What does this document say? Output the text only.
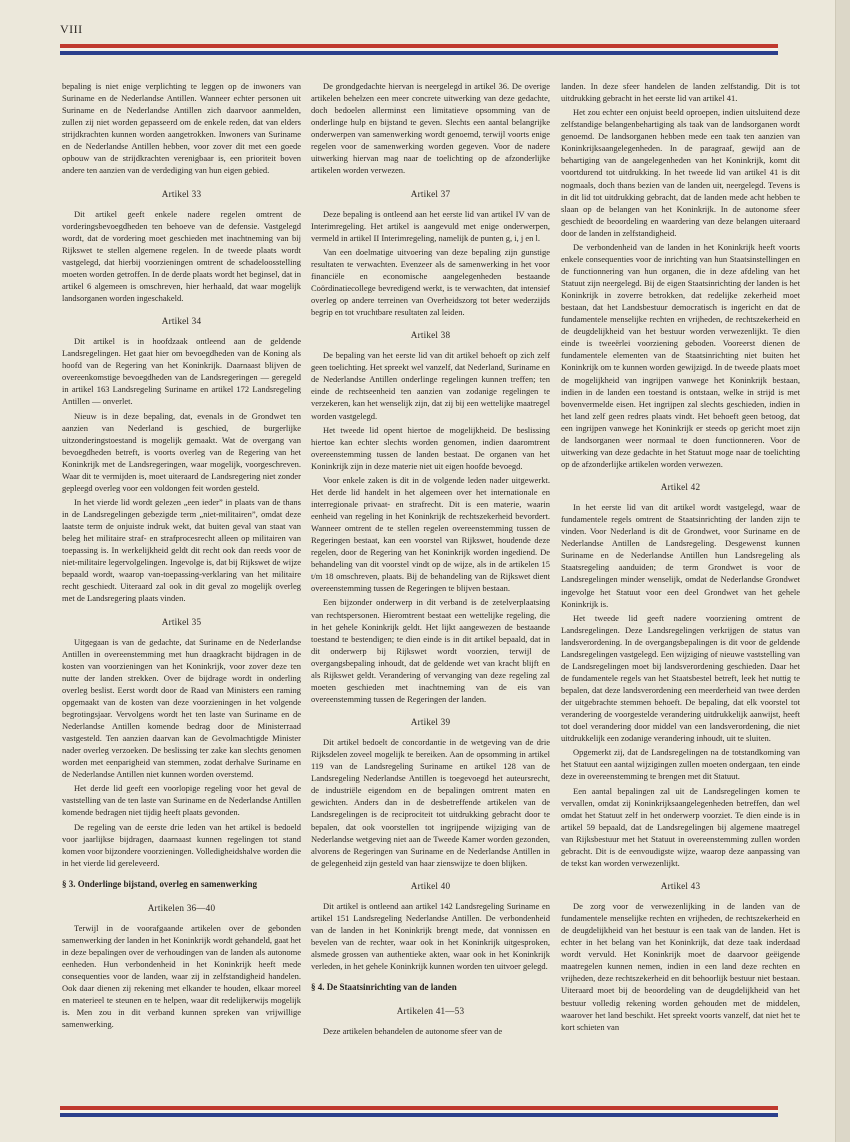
VIII

bepaling is niet enige verplichting te leggen op de inwoners van Suriname en de Nederlandse Antillen. Wanneer echter personen uit Suriname en de Nederlandse Antillen zich daarvoor aanmelden, zullen zij niet worden gepasseerd om de enkele reden, dat van elders strijdkrachten kunnen worden aangetrokken. Inwoners van Suriname en de Nederlandse Antillen hebben, voor zover dit met een goede opbouw van de strijdkrachten verenigbaar is, een prioriteit boven andere ten aanzien van de verdediging van hun eigen gebied.

Artikel 33

Dit artikel geeft enkele nadere regelen omtrent de vorderingsbevoegdheden ten behoeve van de defensie. Vastgelegd wordt, dat de vordering moet geschieden met inachtneming van bij Rijkswet te stellen algemene regelen. In de tweede plaats wordt vastgelegd, dat hierbij voorzieningen omtrent de schadeloosstelling moeten worden getroffen. In de derde plaats wordt het beginsel, dat in artikel 6 algemeen is omschreven, hier herhaald, dat waar mogelijk landsorganen worden ingeschakeld.

Artikel 34

Dit artikel is in hoofdzaak ontleend aan de geldende Landsregelingen. Het gaat hier om bevoegdheden van de Koning als hoofd van de Regering van het Koninkrijk. Daarnaast blijven de overeenkomstige bevoegdheden van de Landsregeringen — geregeld in artikel 163 Landsregeling Suriname en artikel 172 Landsregeling Antillen — onverlet.

Nieuw is in deze bepaling, dat, evenals in de Grondwet ten aanzien van Nederland is geschied, de burgerlijke uitzonderingstoestand is mogelijk gemaakt. Wat de overgang van bevoegdheden betreft, is voorts overleg van de Regering van het Koninkrijk met de Landsregeringen, waar mogelijk, voorgeschreven. Waar dit te vermijden is, moet uiteraard de Landsregering niet zonder gepleegd overleg voor een voldongen feit worden gesteld.

In het vierde lid wordt gelezen „een ieder” in plaats van de thans in de Landsregelingen gebezigde term „niet-militairen”, omdat deze laatste term de onjuiste indruk wekt, dat buiten geval van staat van beleg het militaire straf- en strafprocesrecht alleen op militairen van toepassing is. In werkelijkheid geldt dit recht ook dan reeds voor de niet-militaire legervolgelingen. Ingevolge is, dat bij Rijkswet de wijze bepaald wordt, waarop van-toepassing-verklaring van het militaire recht geschiedt. Uiteraard zal ook in dit geval zo mogelijk overleg met de Landsregering plaats vinden.

Artikel 35

Uitgegaan is van de gedachte, dat Suriname en de Nederlandse Antillen in overeenstemming met hun draagkracht bijdragen in de kosten van voorzieningen van het Koninkrijk, voor zover deze ten nutte der landen strekken. Over de bijdrage wordt in onderling overleg beslist. Eerst wordt door de Raad van Ministers een raming opgemaakt van de kosten van deze voorzieningen in het volgende begrotingsjaar. Vervolgens wordt het ten laste van Suriname en de Nederlandse Antillen komende bedrag door de Ministerraad vastgesteld. Ten aanzien daarvan kan de Gevolmachtigde Minister nader overleg verzoeken. De beslissing ter zake kan slechts genomen worden met eenparigheid van stemmen, zodat derhalve Suriname en de Nederlandse Antillen niet kunnen worden overstemd.

Het derde lid geeft een voorlopige regeling voor het geval de vaststelling van de ten laste van Suriname en de Nederlandse Antillen komende bedragen niet tijdig heeft plaats gevonden.

De regeling van de eerste drie leden van het artikel is bedoeld voor jaarlijkse bijdragen, daarnaast kunnen regelingen tot stand komen voor bijzondere voorzieningen. Volledigheidshalve worden die in het vierde lid gereleveerd.

§ 3. Onderlinge bijstand, overleg en samenwerking
Artikelen 36—40

Terwijl in de voorafgaande artikelen over de gebonden samenwerking der landen in het Koninkrijk wordt gehandeld, gaat het in deze bepalingen over de verhoudingen van de landen als autonome eenheden. Hun verbondenheid in het Koninkrijk heeft mede consequenties voor de landen, waar zij in zelfstandigheid handelen. Ook daar dienen zij rekening met elkander te houden, elkaar moreel en materieel te steunen en te helpen, waar dit redelijkerwijs mogelijk is. Men zou in dit verband kunnen spreken van vrijwillige samenwerking.

De grondgedachte hiervan is neergelegd in artikel 36. De overige artikelen behelzen een meer concrete uitwerking van deze gedachte, doch bedoelen allerminst een limitatieve opsomming van de onderlinge hulp en bijstand te geven. Slechts een aantal belangrijke onderwerpen van samenwerking wordt genoemd, terwijl voorts enige regelen voor de samenwerking worden gegeven. Voor de nadere uitwerking hiervan mag naar de toelichting op de afzonderlijke artikelen worden verwezen.

Artikel 37

Deze bepaling is ontleend aan het eerste lid van artikel IV van de Interimregeling. Het artikel is aangevuld met enige onderwerpen, vermeld in artikel II Interimregeling, namelijk de punten g, i, j en l.

Van een doelmatige uitvoering van deze bepaling zijn gunstige resultaten te verwachten. Evenzeer als de samenwerking in het voor financiële en economische aangelegenheden bestaande Coördinatiecollege bevredigend werkt, is te verwachten, dat intensief overleg op andere terreinen van Overheidszorg tot beter wederzijds begrip en tot vruchtbare resultaten zal leiden.

Artikel 38

De bepaling van het eerste lid van dit artikel behoeft op zich zelf geen toelichting. Het spreekt wel vanzelf, dat Nederland, Suriname en de Nederlandse Antillen onderlinge regelingen kunnen treffen; ten einde de rechtseenheid ten aanzien van zodanige regelingen te verzekeren, kan het wenselijk zijn, dat zij bij een wettelijke maatregel worden vastgelegd.

Het tweede lid opent hiertoe de mogelijkheid. De beslissing hiertoe kan echter slechts worden genomen, indien daaromtrent overeenstemming tussen de landen bestaat. De organen van het Koninkrijk zijn in deze materie niet uit eigen hoofde bevoegd.

Voor enkele zaken is dit in de volgende leden nader uitgewerkt. Het derde lid handelt in het algemeen over het internationale en interregionale privaat- en strafrecht. Dit is een materie, waarin eenheid van regeling in het Koninkrijk de rechtszekerheid bevordert. Wanneer omtrent de te stellen regelen overeenstemming tussen de Regeringen bestaat, kan een voorstel van Rijkswet, houdende deze regelen, door de Regering van het Koninkrijk worden ingediend. De behandeling van dit voorstel vindt op de wijze, als in de artikelen 15 t/m 18 omschreven, plaats. Bij de behandeling van de Rijkswet dient overeenstemming tussen de Regeringen te blijven bestaan.

Een bijzonder onderwerp in dit verband is de zetelverplaatsing van rechtspersonen. Hieromtrent bestaat een wettelijke regeling, die in het gehele Koninkrijk geldt. Het lijkt aangewezen de bestaande toestand te bestendigen; te dien einde is in dit artikel bepaald, dat in dit onderwerp bij Rijkswet wordt voorzien, terwijl de overgangsbepaling inhoudt, dat de geldende wet van kracht blijft en als Rijkswet geldt. Verandering of vervanging van deze regeling zal moeten geschieden met inachtneming van de eis van overeenstemming tussen de Regeringen der landen.

Artikel 39

Dit artikel bedoelt de concordantie in de wetgeving van de drie Rijksdelen zoveel mogelijk te bereiken. Aan de opsomming in artikel 119 van de Landsregeling Suriname en artikel 128 van de Landsregeling Nederlandse Antillen is toegevoegd het auteursrecht, de industriële eigendom en de bepalingen omtrent maten en gewichten. Anders dan in de desbetreffende artikelen van de Landsregelingen is de reciprociteit tot uitdrukking gebracht door te bepalen, dat ook voorstellen tot ingrijpende wijziging van de Nederlandse wetgeving niet aan de Tweede Kamer worden gezonden, alvorens de Regeringen van Suriname en de Nederlandse Antillen in de gelegenheid zijn gesteld van haar zienswijze te doen blijken.

Artikel 40

Dit artikel is ontleend aan artikel 142 Landsregeling Suriname en artikel 151 Landsregeling Nederlandse Antillen. De verbondenheid van de landen in het Koninkrijk brengt mede, dat vonnissen en bevelen van de rechter, waar ook in het Koninkrijk uitgesproken, alsmede grossen van authentieke akten, waar ook in het Koninkrijk verleden, in het gehele Koninkrijk kunnen worden ten uitvoer gelegd.

§ 4. De Staatsinrichting van de landen
Artikelen 41—53

Deze artikelen behandelen de autonome sfeer van de

landen. In deze sfeer handelen de landen zelfstandig. Dit is tot uitdrukking gebracht in het eerste lid van artikel 41.

Het zou echter een onjuist beeld oproepen, indien uitsluitend deze zelfstandige belangenbehartiging als taak van de landsorganen wordt genoemd. De landsorganen hebben mede een taak ten aanzien van Koninkrijksaangelegenheden. In de paragraaf, gewijd aan de behartiging van de aangelegenheden van het Koninkrijk, komt dit voortdurend tot uitdrukking. In het tweede lid van artikel 41 is dit nogmaals, doch thans bezien van de landen uit, neergelegd. Tevens is in dit lid tot uitdrukking gebracht, dat de landen mede acht hebben te slaan op de belangen van het Koninkrijk. In de autonome sfeer geschiedt de beoordeling en waardering van deze belangen uiteraard door de landen in zelfstandigheid.

De verbondenheid van de landen in het Koninkrijk heeft voorts enkele consequenties voor de inrichting van hun Staatsinstellingen en de functionnering van hun organen, die in deze afdeling van het Statuut zijn neergelegd. Bij de eigen Staatsinrichting der landen is het Koninkrijk in zoverre betrokken, dat redelijke zekerheid moet bestaan, dat het Landsbestuur democratisch is ingericht en dat de fundamentele menselijke rechten en vrijheden, de rechtszekerheid en de deugdelijkheid van het bestuur worden verwezenlijkt. Te dien einde is tweeërlei voorziening geboden. Vooreerst dienen de fundamentele elementen van de Staatsinrichting niet buiten het Koninkrijk om te kunnen worden gewijzigd. In de tweede plaats moet de mogelijkheid van ingrijpen vanwege het Koninkrijk bestaan, indien in de landen een toestand is ontstaan, welke in strijd is met bovenvermelde eisen. Het ingrijpen zal slechts geschieden, indien in het land zelf geen redres plaats vindt. Het behoeft geen betoog, dat een ingrijpen vanwege het Koninkrijk er steeds op gericht moet zijn de landsorganen weer normaal te doen functionneren. Voor de uitwerking van deze gedachte in het Statuut moge naar de toelichting op de afzonderlijke artikelen worden verwezen.

Artikel 42

In het eerste lid van dit artikel wordt vastgelegd, waar de fundamentele regels omtrent de Staatsinrichting der landen zijn te vinden. Voor Nederland is dit de Grondwet, voor Suriname en de Nederlandse Antillen de Landsregeling. Desgewenst kunnen Suriname en de Nederlandse Antillen hun Landsregeling als Staatsregeling aanduiden; de term Grondwet is voor de Landsregelingen minder wenselijk, omdat de Nederlandse Grondwet ingevolge het Statuut voor een deel Grondwet van het gehele Koninkrijk is.

Het tweede lid geeft nadere voorziening omtrent de Landsregelingen. Deze Landsregelingen verkrijgen de status van landsverordening. In de overgangsbepalingen is dit voor de geldende Landsregelingen vastgelegd. Een wijziging of nieuwe vaststelling van de Landsregelingen moet bij landsverordening geschieden. Daar het de fundamentele regels van het Staatsbestel betreft, leek het nuttig te bepalen, dat deze landsverordening een meerderheid van twee derden der uitgebrachte stemmen behoeft. De bepaling, dat elk voorstel tot verandering de voorgestelde verandering uitdrukkelijk aanwijst, heeft tot doel verandering door middel van een landsverordening, die niet uitdrukkelijk een zodanige verandering inhoudt, uit te sluiten.

Opgemerkt zij, dat de Landsregelingen na de totstandkoming van het Statuut een aantal wijzigingen zullen moeten ondergaan, ten einde deze in overeenstemming te brengen met dit Statuut.

Een aantal bepalingen zal uit de Landsregelingen komen te vervallen, omdat zij Koninkrijksaangelegenheden betreffen, dan wel omdat het Statuut zelf in het onderwerp voorziet. Te dien einde is in artikel 59 bepaald, dat de Landsregelingen bij algemene maatregel van Rijksbestuur met het Statuut in overeenstemming zullen worden gebracht. Dit is de eenvoudigste wijze, waarop deze aanpassing van de tekst kan worden verwezenlijkt.

Artikel 43

De zorg voor de verwezenlijking in de landen van de fundamentele menselijke rechten en vrijheden, de rechtszekerheid en de deugdelijkheid van het bestuur is een taak van de landen. Het is echter in het belang van het Koninkrijk, dat deze taak inderdaad wordt vervuld. Het Koninkrijk moet de daarvoor geëigende maatregelen kunnen nemen, indien in een land deze rechten en vrijheden, deze rechtszekerheid en dit behoorlijk bestuur niet bestaan. Uiteraard moet bij de beoordeling van de deugdelijkheid van het bestuur volledig rekening worden gehouden met de middelen, waarover het land beschikt. Het spreekt voorts vanzelf, dat niet het te kort schieten van
